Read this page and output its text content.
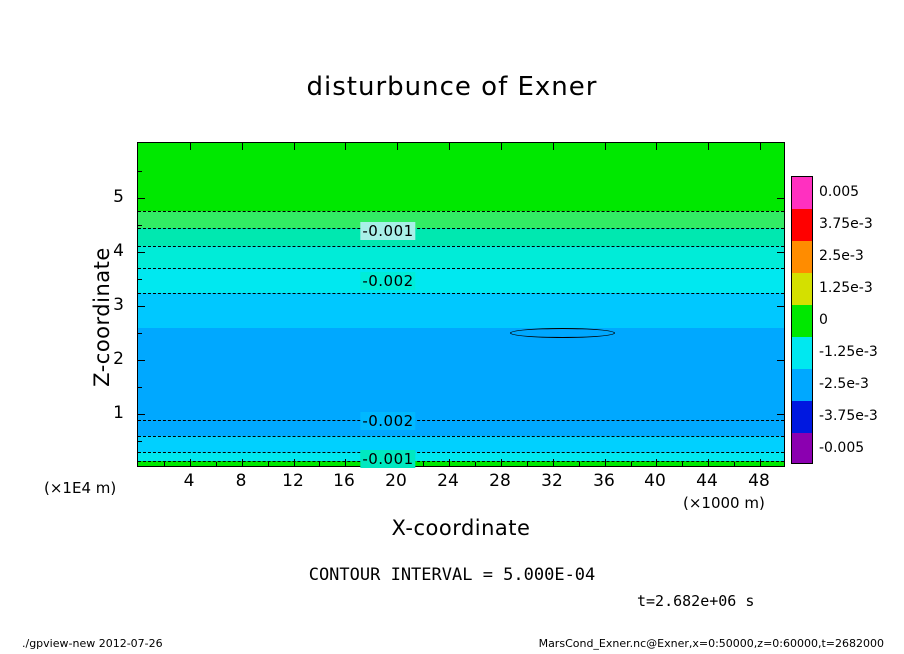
disturbunce of Exner
-0.001
-0.002
-0.002
-0.001
4 8 12 16 20 24 28 32 36 40 44 48
1
2
3
4
5
Z-coordinate
X-coordinate
(×1E4 m)
(×1000 m)
0.005
3.75e-3
2.5e-3
1.25e-3
0
-1.25e-3
-2.5e-3
-3.75e-3
-0.005
CONTOUR INTERVAL = 5.000E-04
t=2.682e+06 s
./gpview-new 2012-07-26	MarsCond_Exner.nc@Exner,x=0:50000,z=0:60000,t=2682000
